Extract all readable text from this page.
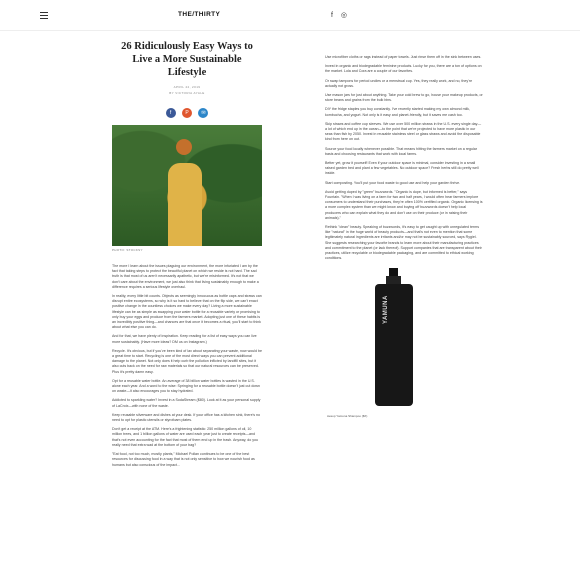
THE/THIRTY	f ◎
26 Ridiculously Easy Ways to Live a More Sustainable Lifestyle
APRIL 22, 2019
BY VICTORIA AYALE
f	P	✉
PHOTO: STOCKSY

The more I learn about the issues plaguing our environment, the more infuriated I am by the fact that taking steps to protect the beautiful planet on which we reside is not hard. The sad truth is that most of us aren't necessarily apathetic, but we're misinformed. It's not that we don't care about the environment, we just also think that living sustainably enough to make a difference requires a serious lifestyle overhaul.

In reality, every little bit counts. Objects as seemingly innocuous as bottle caps and straws can disrupt entire ecosystems, so why is it so hard to believe that on the flip side, we can't enact positive change in the countless choices we make every day? Living a more sustainable lifestyle can be as simple as swapping your water bottle for a reusable variety or promising to only buy your eggs and produce from the farmers market. Adopting just one of these habits is an incredibly positive thing—and chances are that once it becomes a ritual, you'll start to think about what else you can do.

And for that, we have plenty of inspiration. Keep reading for a list of easy ways you can live more sustainably. (Have more ideas? DM us on Instagram.)

Recycle. It's obvious, but if you've been kind of lax about separating your waste, now would be a great time to start. Recycling is one of the most direct ways you can prevent additional damage to the planet. Not only does it help curb the pollution inflicted by landfill sites, but it also cuts back on the need for raw materials so that our natural resources can be preserved. Plus it's pretty damn easy.

Opt for a reusable water bottle. An average of 38 billion water bottles is wasted in the U.S. alone each year. And a word to the wise: Springing for a reusable bottle doesn't just cut down on waste—it also encourages you to stay hydrated.

Addicted to sparkling water? Invest in a SodaStream ($80). Look at it as your personal supply of LaCroix—with none of the waste.

Keep reusable silverware and dishes at your desk. If your office has a kitchen sink, there's no need to opt for plastic utensils or styrofoam plates.

Don't get a receipt at the ATM. Here's a frightening statistic: 250 million gallons of oil, 10 million trees, and 1 billion gallons of water are used each year just to create receipts—and that's not even accounting for the fact that most of them end up in the trash. Anyway, do you really need that extra wad at the bottom of your bag?

"Eat food, not too much, mostly plants," Michael Pollan continues to be one of the best resources for discussing food in a way that is not only sensitive to how we nourish food as humans but also conscious of the impact...

Use microfiber cloths or rags instead of paper towels. Just rinse them off in the sink between uses.

Invest in organic and biodegradable feminine products. Lucky for you, there are a ton of options on the market. Lola and Cora are a couple of our favorites.

Or swap tampons for period undies or a menstrual cup. Yes, they really work, and no, they're actually not gross.

Use mason jars for just about anything. Take your cold brew to go, house your makeup products, or store beans and grains from the bulk bins.

DIY the fridge staples you buy constantly. I've recently started making my own almond milk, kombucha, and yogurt. Not only is it easy and planet-friendly, but it saves me cash too.

Skip straws and coffee cup sleeves. We use over 500 million straws in the U.S. every single day—a lot of which end up in the ocean—to the point that we're projected to have more plastic in our seas than fish by 2050. Invest in reusable stainless steel or glass straws and avoid the disposable kind from here on out.

Source your food locally whenever possible. That means hitting the farmers market on a regular basis and choosing restaurants that work with local farms.

Better yet, grow it yourself! Even if your outdoor space is minimal, consider investing in a small raised garden bed and plant a few vegetables. No outdoor space? Fresh herbs still do pretty well inside.

Start composting. You'll put your food waste to good use and help your garden thrive.

Avoid getting duped by "green" buzzwords. "Organic is dope, but informed is better," says Fountain. "When I was living on a farm for two and half years, I would often hear farmers implore consumers to understand their purchases, they're often 100% certified organic. Organic licensing is a more complex system than we might know and buying off buzzwords doesn't help local producers who can explain what they do and don't use on their produce (or in raising their animals)."

Rethink "clean" beauty. Speaking of buzzwords, it's easy to get caught up with unregulated terms like "natural" in the huge world of beauty products—and that's not even to mention that some legitimately natural ingredients are irritants and/or may not be sustainably sourced, says Rygiel. She suggests researching your favorite brands to learn more about their manufacturing practices and commitment to the planet (or lack thereof). Support companies that are transparent about their practices, utilize recyclable or biodegradable packaging, and are committed to ethical working conditions.

YAMUNA
Aesop Yamuna Shampoo ($X)
